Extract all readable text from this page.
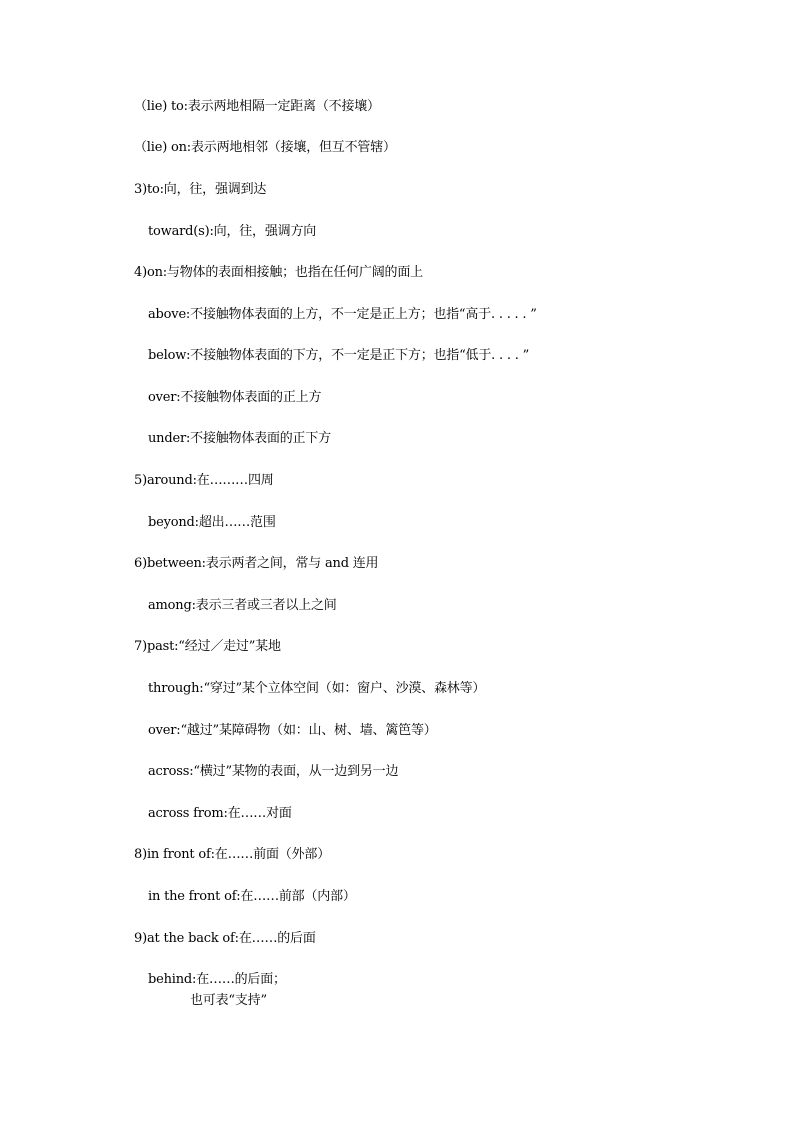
（lie) to:表示两地相隔一定距离（不接壤）
（lie) on:表示两地相邻（接壤，但互不管辖）
3)to:向，往，强调到达
toward(s):向，往，强调方向
4)on:与物体的表面相接触；也指在任何广阔的面上
above:不接触物体表面的上方，不一定是正上方；也指“高于. . . . . ”
below:不接触物体表面的下方，不一定是正下方；也指“低于. . . . ”
over:不接触物体表面的正上方
under:不接触物体表面的正下方
5)around:在………四周
beyond:超出……范围
6)between:表示两者之间，常与 and 连用
among:表示三者或三者以上之间
7)past:“经过／走过”某地
through:“穿过”某个立体空间（如：窗户、沙漠、森林等）
over:“越过”某障碍物（如：山、树、墙、篱笆等）
across:“横过”某物的表面，从一边到另一边
across from:在……对面
8)in front of:在……前面（外部）
in the front of:在……前部（内部）
9)at the back of:在……的后面
behind:在……的后面；
也可表“支持”
